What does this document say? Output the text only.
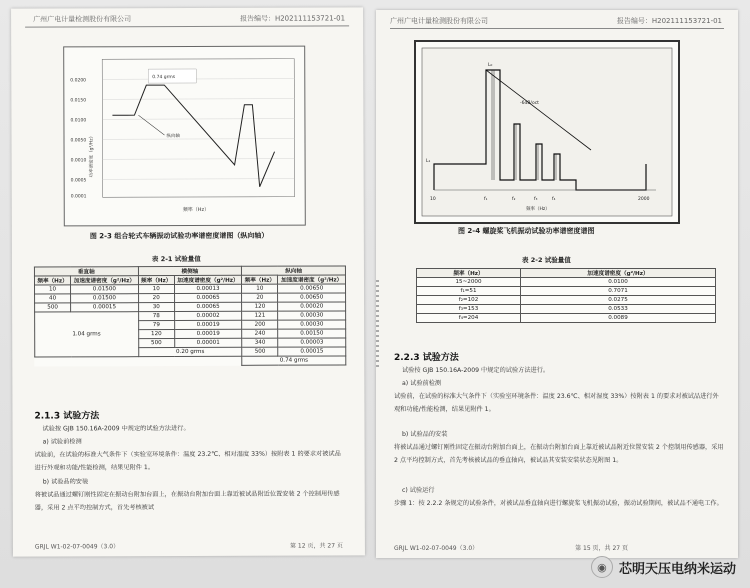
广州广电计量检测股份有限公司	报告编号：H2021111537​21-01
0.0200
0.0150
0.0100
0.0050
0.0010
0.0005
0.0001
功率谱密度（g²/Hz）
频率（Hz）
纵向轴
0.74 grms
图 2-3 组合轮式车辆振动试验功率谱密度谱图（纵向轴）
表 2-1 试验量值
垂直轴		横侧轴		纵向轴	
频率（Hz）	加速度谱密度（g²/Hz）	频率（Hz）	加速度谱密度（g²/Hz）	频率（Hz）	加速度谱密度（g²/Hz）
10	0.01500	10	0.00013	10	0.00650
40	0.01500	20	0.00065	20	0.00650
500	0.00015	30	0.00065	120	0.00020
1.04 grms		78	0.00002	121	0.00030
		79	0.00019	200	0.00030
		120	0.00019	240	0.00150
		500	0.00001	340	0.00003
		0.20 grms		500	0.00015
				0.74 grms	
2.1.3 试验方法
试验按 GJB 150.16A-2009 中规定的试验方法进行。
a) 试验前检测
试验前，在试验的标准大气条件下（实验室环境条件：温度 23.2℃、相对湿度 33%）按附表 1 的要求对被试品进行外观和功能/性能检测，结果见附件 1。
b) 试验品的安装
将被试品通过螺钉刚性固定在振动台附加台面上，在振动台附加台面上靠近被试品附近位置安装 2 个控制用传感器，采用 2 点平均控制方式，首先考核被试
GRJL W1-02-07-0049（3.0）	第 12 页，共 27 页
广州广电计量检测股份有限公司	报告编号：H202111153721-01
10	f₁	f₂	f₃	f₄	2000
L₀
L₁
-6dB/oct
频率（Hz）
图 2-4 螺旋桨飞机振动试验功率谱密度谱图
表 2-2 试验量值
频率（Hz）	加速度谱密度（g²/Hz）
15~2000	0.0100
f₁=51	0.7071
f₂=102	0.0275
f₃=153	0.0533
f₄=204	0.0089
2.2.3 试验方法
试验按 GJB 150.16A-2009 中规定的试验方法进行。
a) 试验前检测
试验前，在试验的标准大气条件下（实验室环境条件：温度 23.6℃、相对湿度 33%）按附表 1 的要求对被试品进行外观和功能/性能检测，结果见附件 1。
b) 试验品的安装
将被试品通过螺钉刚性固定在振动台附加台面上，在振动台附加台面上靠近被试品附近位置安装 2 个控制用传感器，采用 2 点平均控制方式，首先考核被试品的垂直轴向，被试品其安装安装状态见附图 1。
c) 试验运行
步骤 1：按 2.2.2 条规定的试验条件，对被试品垂直轴向进行螺旋桨飞机振动试验，振动试验期间，被试品不通电工作。
GRJL W1-02-07-0049（3.0）	第 15 页，共 27 页
◉ 芯明天压电纳米运动
